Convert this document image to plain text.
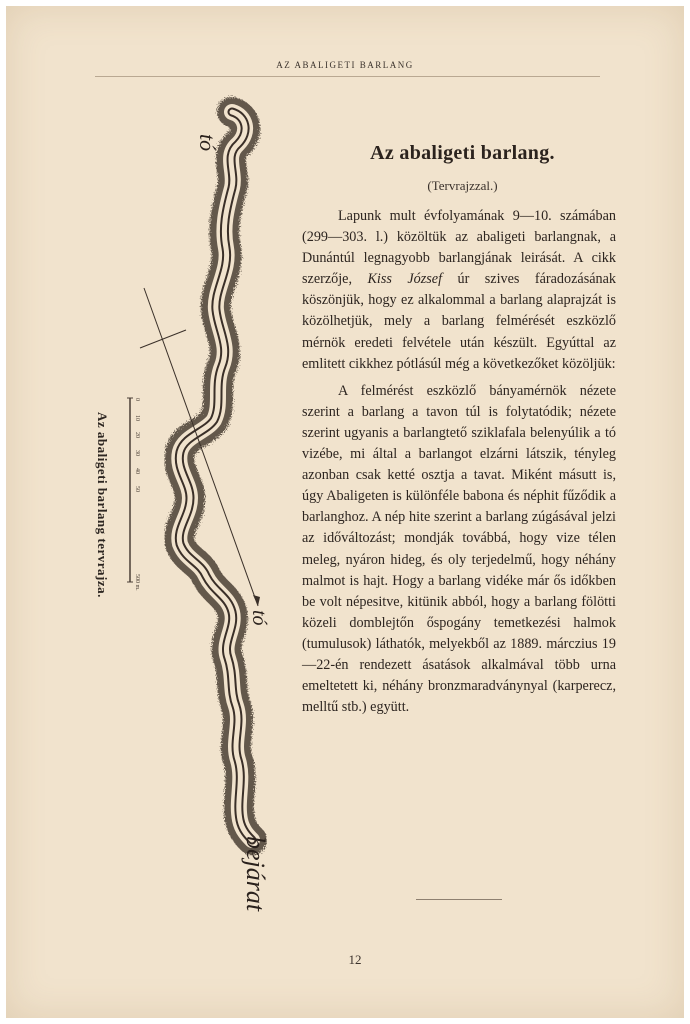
AZ ABALIGETI BARLANG
0
10
20
30
40
50
500 m.
Az abaligeti barlang tervrajza.
tó
tó
bejárat
Az abaligeti barlang.
(Tervrajzzal.)

Lapunk mult évfolyamának 9—10. számában (299—303. l.) közöltük az abaligeti barlangnak, a Dunántúl legnagyobb barlangjának leirását. A cikk szerzője, Kiss József úr szives fáradozásának köszönjük, hogy ez alkalommal a barlang alaprajzát is közölhetjük, mely a barlang felmérését eszközlő mérnök eredeti felvétele után készült. Egyúttal az emlitett cikkhez pótlásúl még a következőket közöljük:

A felmérést eszközlő bányamérnök nézete szerint a barlang a tavon túl is folytatódik; nézete szerint ugyanis a barlangtető sziklafala belenyúlik a tó vizébe, mi által a barlangot elzárni látszik, tényleg azonban csak ketté osztja a tavat. Miként másutt is, úgy Abaligeten is különféle babona és néphit fűződik a barlanghoz. A nép hite szerint a barlang zúgásával jelzi az időváltozást; mondják továbbá, hogy vize télen meleg, nyáron hideg, és oly terjedelmű, hogy néhány malmot is hajt. Hogy a barlang vidéke már ős időkben be volt népesitve, kitünik abból, hogy a barlang fölötti közeli domblejtőn őspogány temetkezési halmok (tumulusok) láthatók, melyekből az 1889. márczius 19—22-én rendezett ásatások alkalmával több urna emeltetett ki, néhány bronzmaradványnyal (karperecz, melltű stb.) együtt.

12
